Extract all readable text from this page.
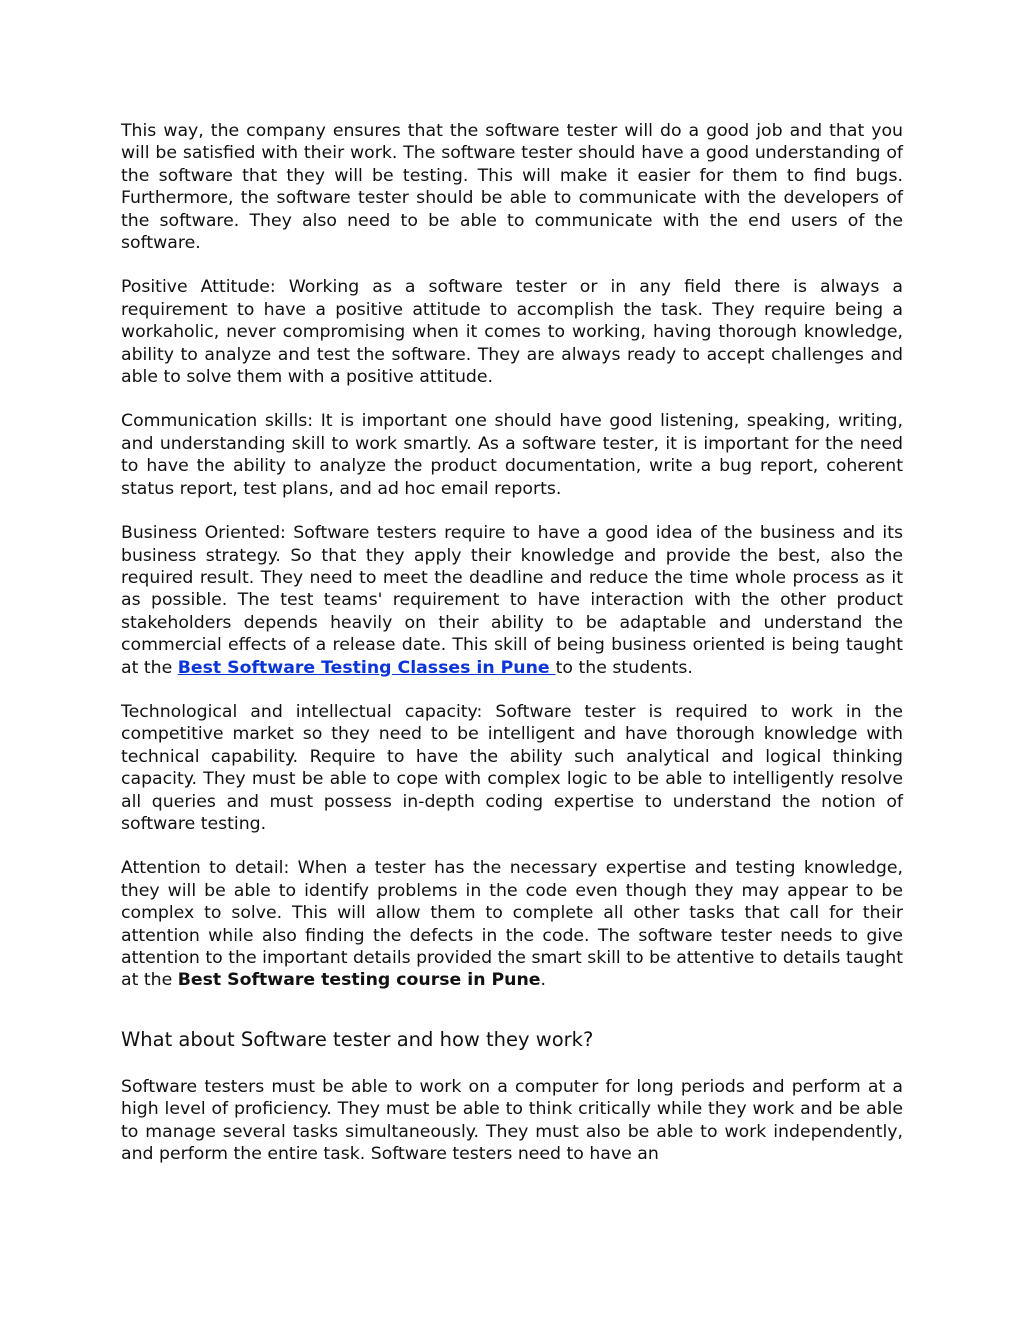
This way, the company ensures that the software tester will do a good job and that you will be satisfied with their work. The software tester should have a good understanding of the software that they will be testing. This will make it easier for them to find bugs. Furthermore, the software tester should be able to communicate with the developers of the software. They also need to be able to communicate with the end users of the software.

Positive Attitude: Working as a software tester or in any field there is always a requirement to have a positive attitude to accomplish the task. They require being a workaholic, never compromising when it comes to working, having thorough knowledge, ability to analyze and test the software. They are always ready to accept challenges and able to solve them with a positive attitude.

Communication skills: It is important one should have good listening, speaking, writing, and understanding skill to work smartly. As a software tester, it is important for the need to have the ability to analyze the product documentation, write a bug report, coherent status report, test plans, and ad hoc email reports.

Business Oriented: Software testers require to have a good idea of the business and its business strategy. So that they apply their knowledge and provide the best, also the required result. They need to meet the deadline and reduce the time whole process as it as possible. The test teams' requirement to have interaction with the other product stakeholders depends heavily on their ability to be adaptable and understand the commercial effects of a release date. This skill of being business oriented is being taught at the Best Software Testing Classes in Pune to the students.

Technological and intellectual capacity: Software tester is required to work in the competitive market so they need to be intelligent and have thorough knowledge with technical capability. Require to have the ability such analytical and logical thinking capacity. They must be able to cope with complex logic to be able to intelligently resolve all queries and must possess in-depth coding expertise to understand the notion of software testing.

Attention to detail: When a tester has the necessary expertise and testing knowledge, they will be able to identify problems in the code even though they may appear to be complex to solve. This will allow them to complete all other tasks that call for their attention while also finding the defects in the code. The software tester needs to give attention to the important details provided the smart skill to be attentive to details taught at the Best Software testing course in Pune.

What about Software tester and how they work?

Software testers must be able to work on a computer for long periods and perform at a high level of proficiency. They must be able to think critically while they work and be able to manage several tasks simultaneously. They must also be able to work independently, and perform the entire task. Software testers need to have an
